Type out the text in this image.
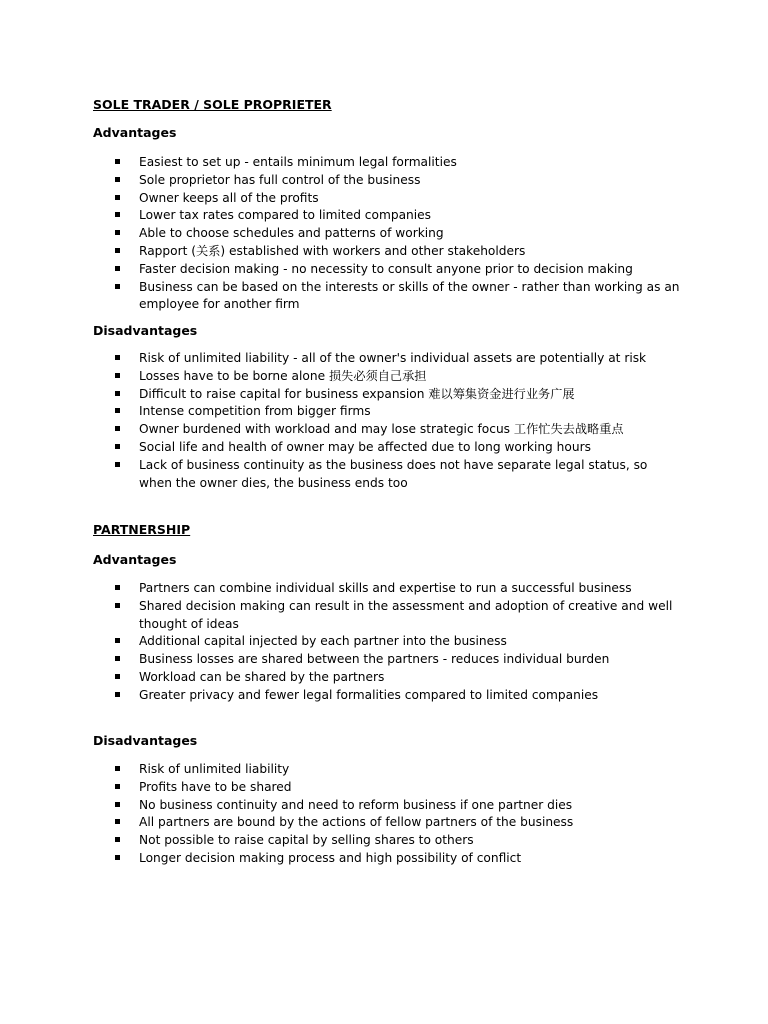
SOLE TRADER / SOLE PROPRIETER
Advantages
Easiest to set up - entails minimum legal formalities
Sole proprietor has full control of the business
Owner keeps all of the profits
Lower tax rates compared to limited companies
Able to choose schedules and patterns of working
Rapport (关系) established with workers and other stakeholders
Faster decision making - no necessity to consult anyone prior to decision making
Business can be based on the interests or skills of the owner - rather than working as an employee for another firm
Disadvantages
Risk of unlimited liability - all of the owner's individual assets are potentially at risk
Losses have to be borne alone 损失必须自己承担
Difficult to raise capital for business expansion 难以筹集资金进行业务广展
Intense competition from bigger firms
Owner burdened with workload and may lose strategic focus 工作忙失去战略重点
Social life and health of owner may be affected due to long working hours
Lack of business continuity as the business does not have separate legal status, so when the owner dies, the business ends too
PARTNERSHIP
Advantages
Partners can combine individual skills and expertise to run a successful business
Shared decision making can result in the assessment and adoption of creative and well thought of ideas
Additional capital injected by each partner into the business
Business losses are shared between the partners - reduces individual burden
Workload can be shared by the partners
Greater privacy and fewer legal formalities compared to limited companies
Disadvantages
Risk of unlimited liability
Profits have to be shared
No business continuity and need to reform business if one partner dies
All partners are bound by the actions of fellow partners of the business
Not possible to raise capital by selling shares to others
Longer decision making process and high possibility of conflict
